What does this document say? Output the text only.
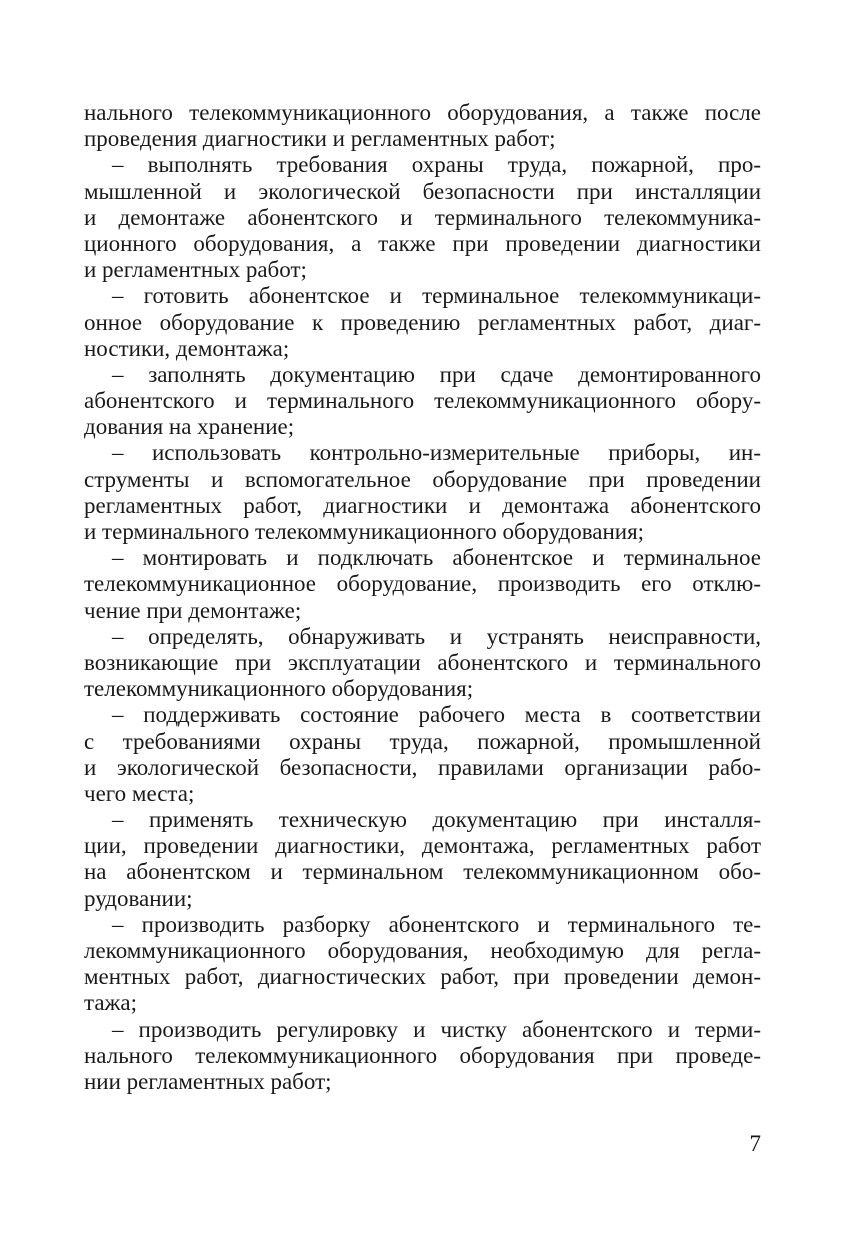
нального телекоммуникационного оборудования, а также после
проведения диагностики и регламентных работ;
– выполнять требования охраны труда, пожарной, про-
мышленной и экологической безопасности при инсталляции
и демонтаже абонентского и терминального телекоммуника-
ционного оборудования, а также при проведении диагностики
и регламентных работ;
– готовить абонентское и терминальное телекоммуникаци-
онное оборудование к проведению регламентных работ, диаг-
ностики, демонтажа;
– заполнять документацию при сдаче демонтированного
абонентского и терминального телекоммуникационного обору-
дования на хранение;
– использовать контрольно-измерительные приборы, ин-
струменты и вспомогательное оборудование при проведении
регламентных работ, диагностики и демонтажа абонентского
и терминального телекоммуникационного оборудования;
– монтировать и подключать абонентское и терминальное
телекоммуникационное оборудование, производить его отклю-
чение при демонтаже;
– определять, обнаруживать и устранять неисправности,
возникающие при эксплуатации абонентского и терминального
телекоммуникационного оборудования;
– поддерживать состояние рабочего места в соответствии
с требованиями охраны труда, пожарной, промышленной
и экологической безопасности, правилами организации рабо-
чего места;
– применять техническую документацию при инсталля-
ции, проведении диагностики, демонтажа, регламентных работ
на абонентском и терминальном телекоммуникационном обо-
рудовании;
– производить разборку абонентского и терминального те-
лекоммуникационного оборудования, необходимую для регла-
ментных работ, диагностических работ, при проведении демон-
тажа;
– производить регулировку и чистку абонентского и терми-
нального телекоммуникационного оборудования при проведе-
нии регламентных работ;
7
